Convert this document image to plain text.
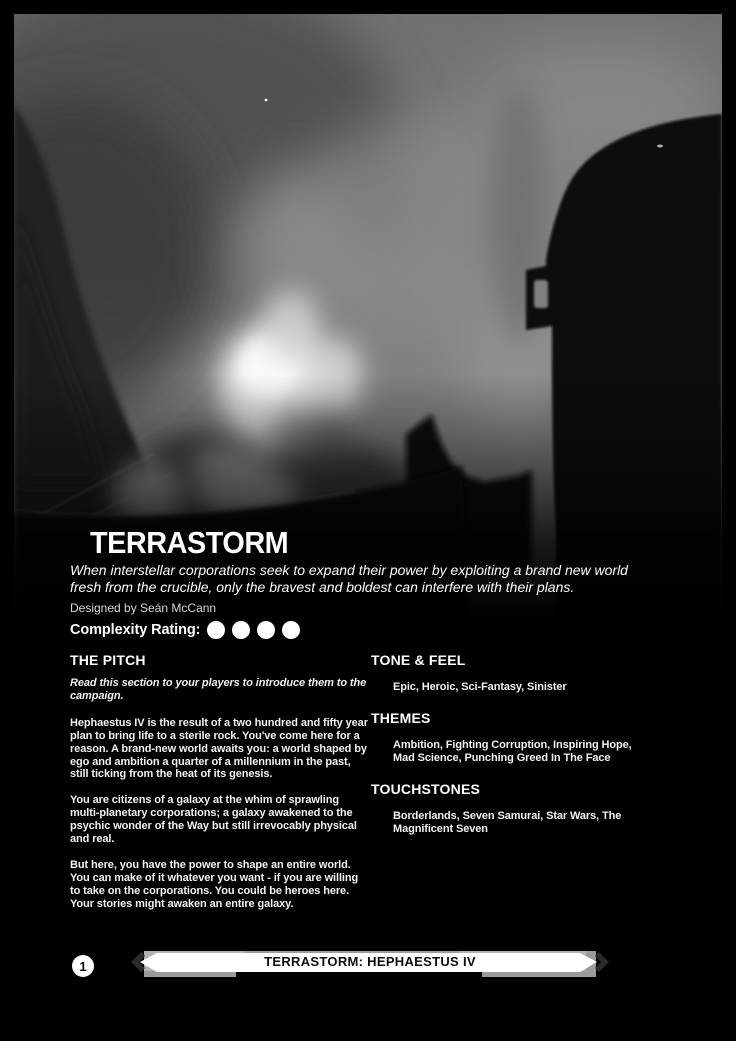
TERRASTORM

When interstellar corporations seek to expand their power by exploiting a brand new world fresh from the crucible, only the bravest and boldest can interfere with their plans.

Designed by Seán McCann

Complexity Rating:
THE PITCH

Read this section to your players to introduce them to the campaign.

Hephaestus IV is the result of a two hundred and fifty year plan to bring life to a sterile rock. You've come here for a reason. A brand-new world awaits you: a world shaped by ego and ambition a quarter of a millennium in the past, still ticking from the heat of its genesis.

You are citizens of a galaxy at the whim of sprawling multi-planetary corporations; a galaxy awakened to the psychic wonder of the Way but still irrevocably physical and real.

But here, you have the power to shape an entire world. You can make of it whatever you want - if you are willing to take on the corporations. You could be heroes here. Your stories might awaken an entire galaxy.

TONE & FEEL

Epic, Heroic, Sci-Fantasy, Sinister

THEMES

Ambition, Fighting Corruption, Inspiring Hope, Mad Science, Punching Greed In The Face

TOUCHSTONES

Borderlands, Seven Samurai, Star Wars, The Magnificent Seven

1	TERRASTORM: HEPHAESTUS IV
